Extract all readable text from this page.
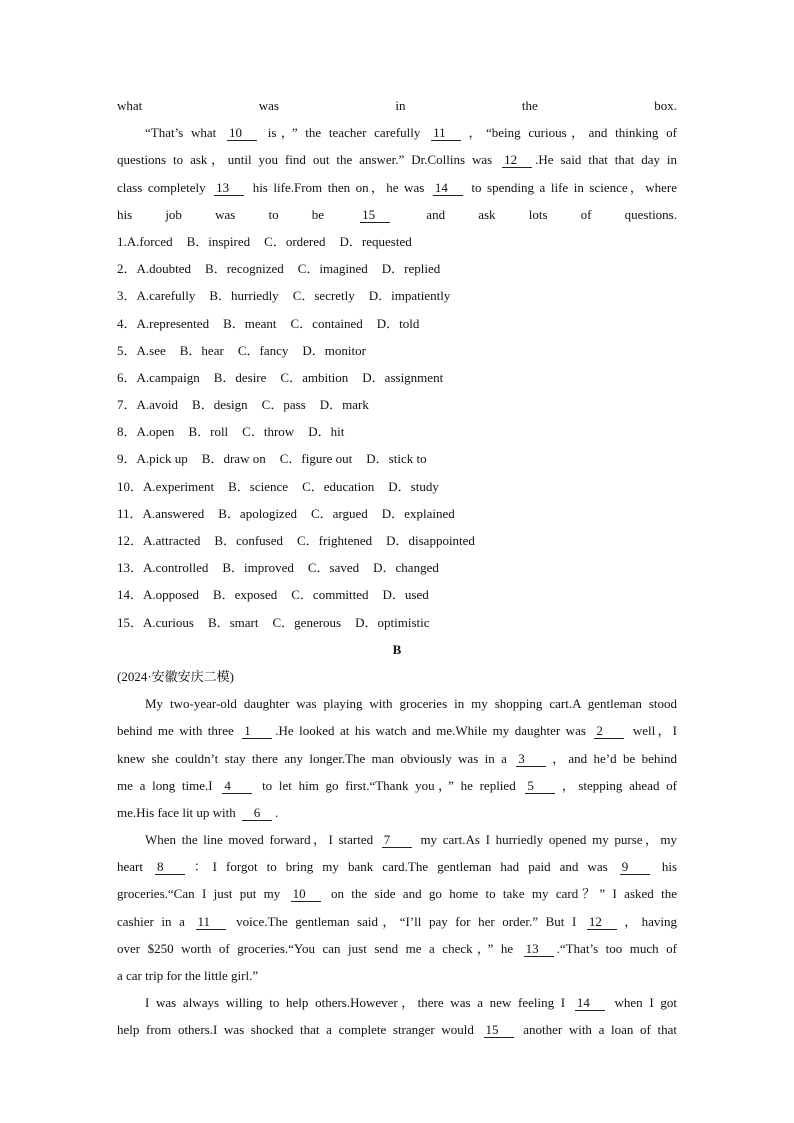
what was in the box.
“That’s what 10 is，” the teacher carefully 11 ，“being curious，and thinking of
questions to ask，until you find out the answer.” Dr.Collins was 12 .He said that that day in
class completely 13 his life.From then on，he was 14 to spending a life in science，where
his job was to be 15 and ask lots of questions.
1.A.forced B．inspired C．ordered D．requested
2．A.doubted B．recognized C．imagined D．replied
3．A.carefully B．hurriedly C．secretly D．impatiently
4．A.represented B．meant C．contained D．told
5．A.see B．hear C．fancy D．monitor
6．A.campaign B．desire C．ambition D．assignment
7．A.avoid B．design C．pass D．mark
8．A.open B．roll C．throw D．hit
9．A.pick up B．draw on C．figure out D．stick to
10．A.experiment B．science C．education D．study
11．A.answered B．apologized C．argued D．explained
12．A.attracted B．confused C．frightened D．disappointed
13．A.controlled B．improved C．saved D．changed
14．A.opposed B．exposed C．committed D．used
15．A.curious B．smart C．generous D．optimistic
B
(2024·安徽安庆二模)
My two-year-old daughter was playing with groceries in my shopping cart.A gentleman stood
behind me with three 1 .He looked at his watch and me.While my daughter was 2 well，I
knew she couldn’t stay there any longer.The man obviously was in a 3 ，and he’d be behind
me a long time.I 4 to let him go first.“Thank you，” he replied 5 ，stepping ahead of
me.His face lit up with 6 .
When the line moved forward，I started 7 my cart.As I hurriedly opened my purse，my
heart 8 ：I forgot to bring my bank card.The gentleman had paid and was 9 his
groceries.“Can I just put my 10 on the side and go home to take my card？” I asked the
cashier in a 11 voice.The gentleman said，“I’ll pay for her order.” But I 12 ，having
over $250 worth of groceries.“You can just send me a check，” he 13 .“That’s too much of
a car trip for the little girl.”
I was always willing to help others.However，there was a new feeling I 14 when I got
help from others.I was shocked that a complete stranger would 15 another with a loan of that
